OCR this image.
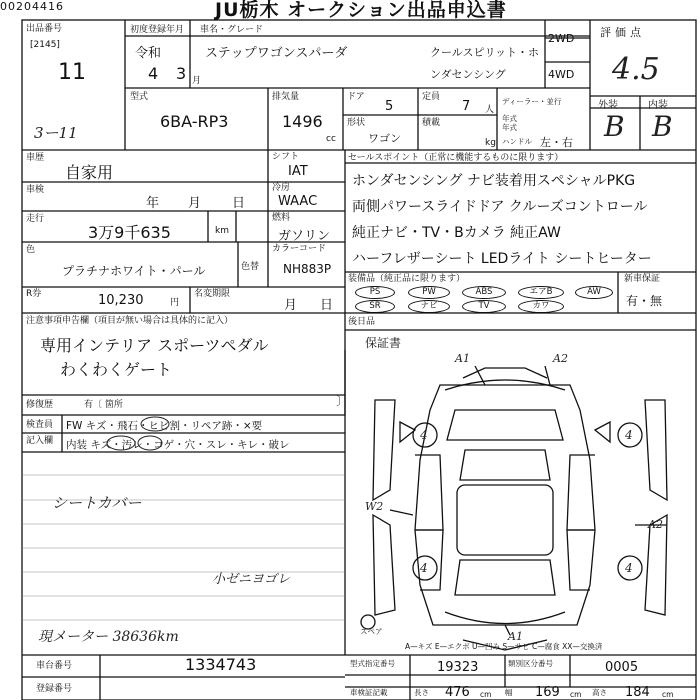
00204416	JU栃木 オークション出品申込書
出品番号
[2145]
11
3ー11
初度登録年月
令和
4 3 月
車名・グレード
ステップワゴンスパーダ	クールスピリット・ホ
ンダセンシング
2WD
4WD
評価点
4.5
外装	内装
B B
型式
6BA-RP3
排気量
1496
cc
ドア
5
定員
7 人
形状
ワゴン
積載
kg
ディーラー・並行
年式
年式
ハンドル 左・右
車歴
自家用
シフト
IAT
車検
年 月 日
冷房
WAAC
走行
3万9千635	km
燃料
ガソリン
色
プラチナホワイト・パール	色替
カラーコード
NH883P
R券	10,230	円
名変期限
月 日
セールスポイント（正常に機能するものに限ります）
ホンダセンシング ナビ装着用スペシャルPKG
両側パワースライドドア クルーズコントロール
純正ナビ・TV・Bカメラ 純正AW
ハーフレザーシート LEDライト シートヒーター
装備品（純正品に限ります）	新車保証
有・無
PS	PW	ABS	エアB	AW
SR	ナビ	TV	カワ
注意事項申告欄（項目が無い場合は具体的に記入）
専用インテリア スポーツペダル
わくわくゲート
修復歴	有〔 箇所	〕
後日品
保証書
検査員
記入欄
FW キズ・飛石・ヒビ割・リペア跡・×要
内装 キズ・汚レ・コゲ・穴・スレ・キレ・破レ
シートカバー
小ゼニヨゴレ
現メーター 38636km
A1	A2
A2
W2
A1
スペア
4	4
4	4
A—キズ E—エクボ U—凹み S—サビ C—腐食 XX—交換済
車台番号	1334743
登録番号
型式指定番号	19323	類別区分番号	0005
車検証記載	長さ 476 cm 幅 169 cm 高さ 184 cm
